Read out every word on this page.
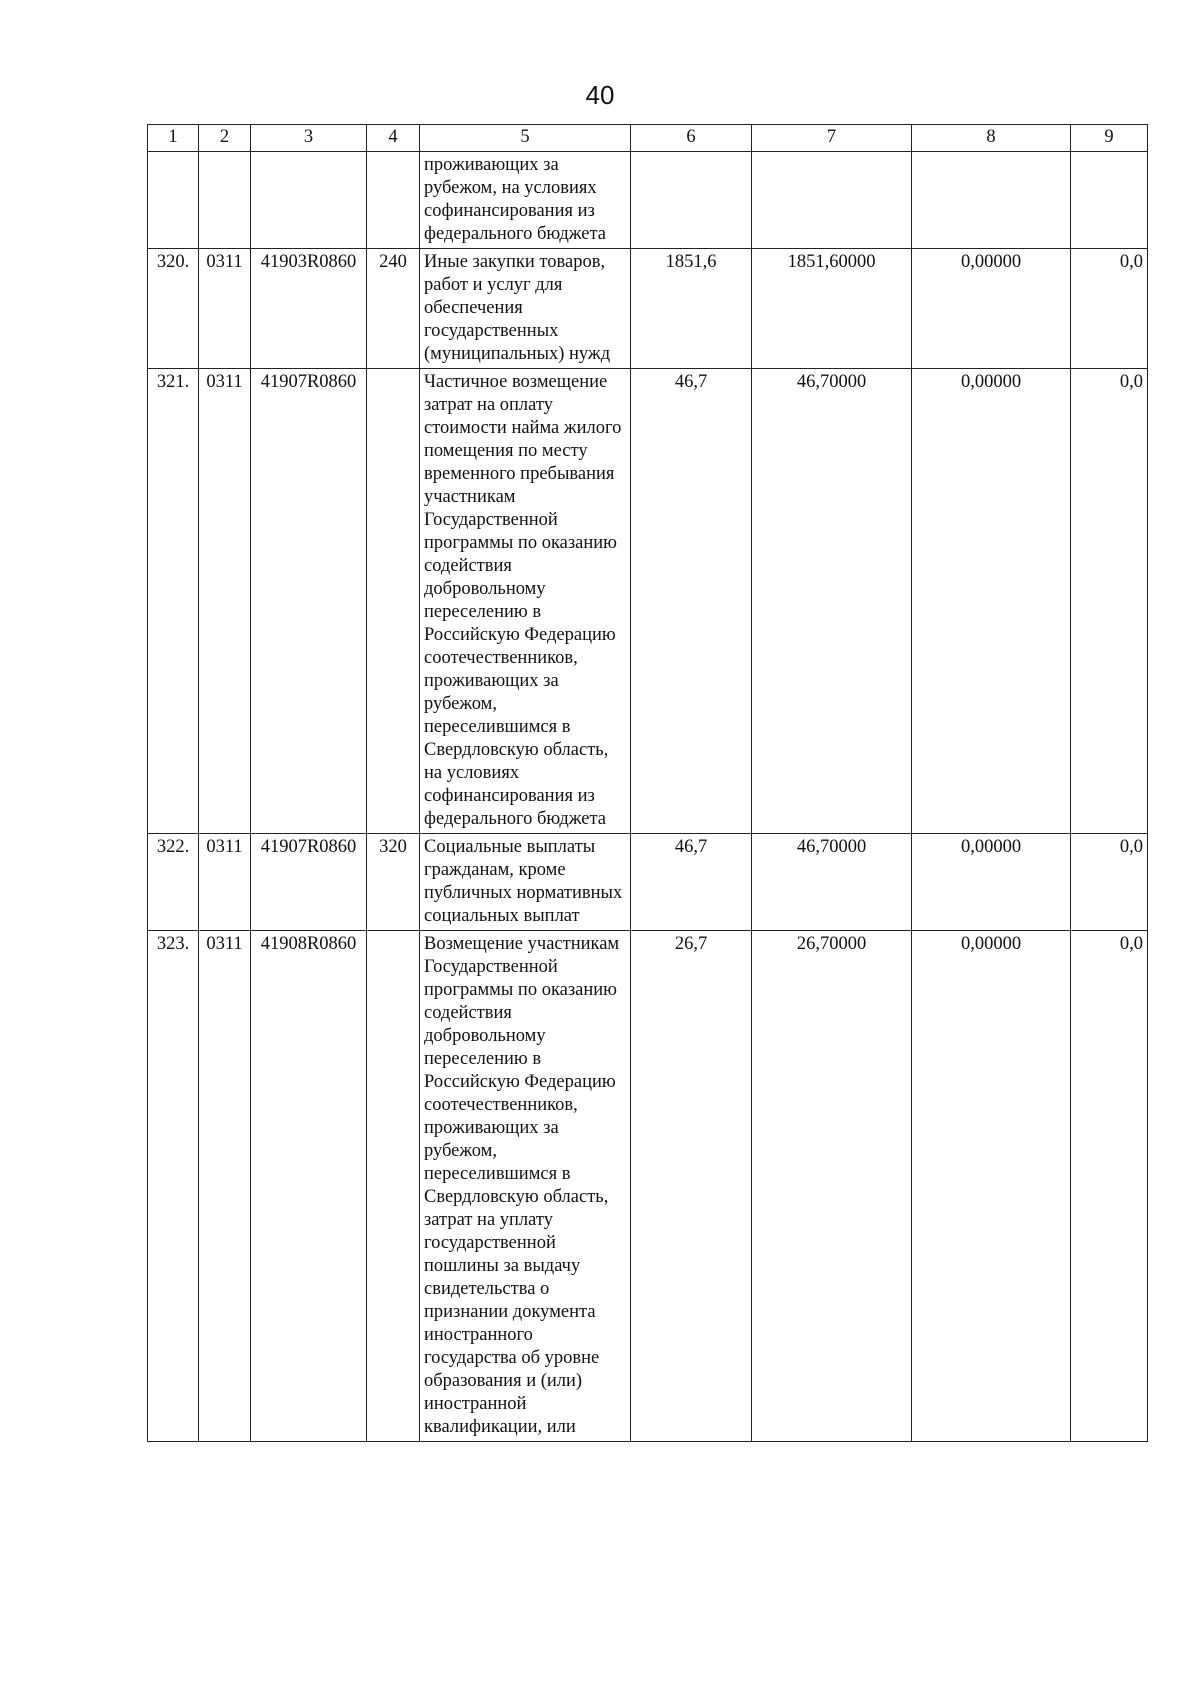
40
1	2	3	4	5	6	7	8	9
				проживающих за рубежом, на условиях софинансирования из федерального бюджета				
320.	0311	41903R0860	240	Иные закупки товаров, работ и услуг для обеспечения государственных (муниципальных) нужд	1851,6	1851,60000	0,00000	0,0
321.	0311	41907R0860		Частичное возмещение затрат на оплату стоимости найма жилого помещения по месту временного пребывания участникам Государственной программы по оказанию содействия добровольному переселению в Российскую Федерацию соотечественников, проживающих за рубежом, переселившимся в Свердловскую область, на условиях софинансирования из федерального бюджета	46,7	46,70000	0,00000	0,0
322.	0311	41907R0860	320	Социальные выплаты гражданам, кроме публичных нормативных социальных выплат	46,7	46,70000	0,00000	0,0
323.	0311	41908R0860		Возмещение участникам Государственной программы по оказанию содействия добровольному переселению в Российскую Федерацию соотечественников, проживающих за рубежом, переселившимся в Свердловскую область, затрат на уплату государственной пошлины за выдачу свидетельства о признании документа иностранного государства об уровне образования и (или) иностранной квалификации, или	26,7	26,70000	0,00000	0,0
